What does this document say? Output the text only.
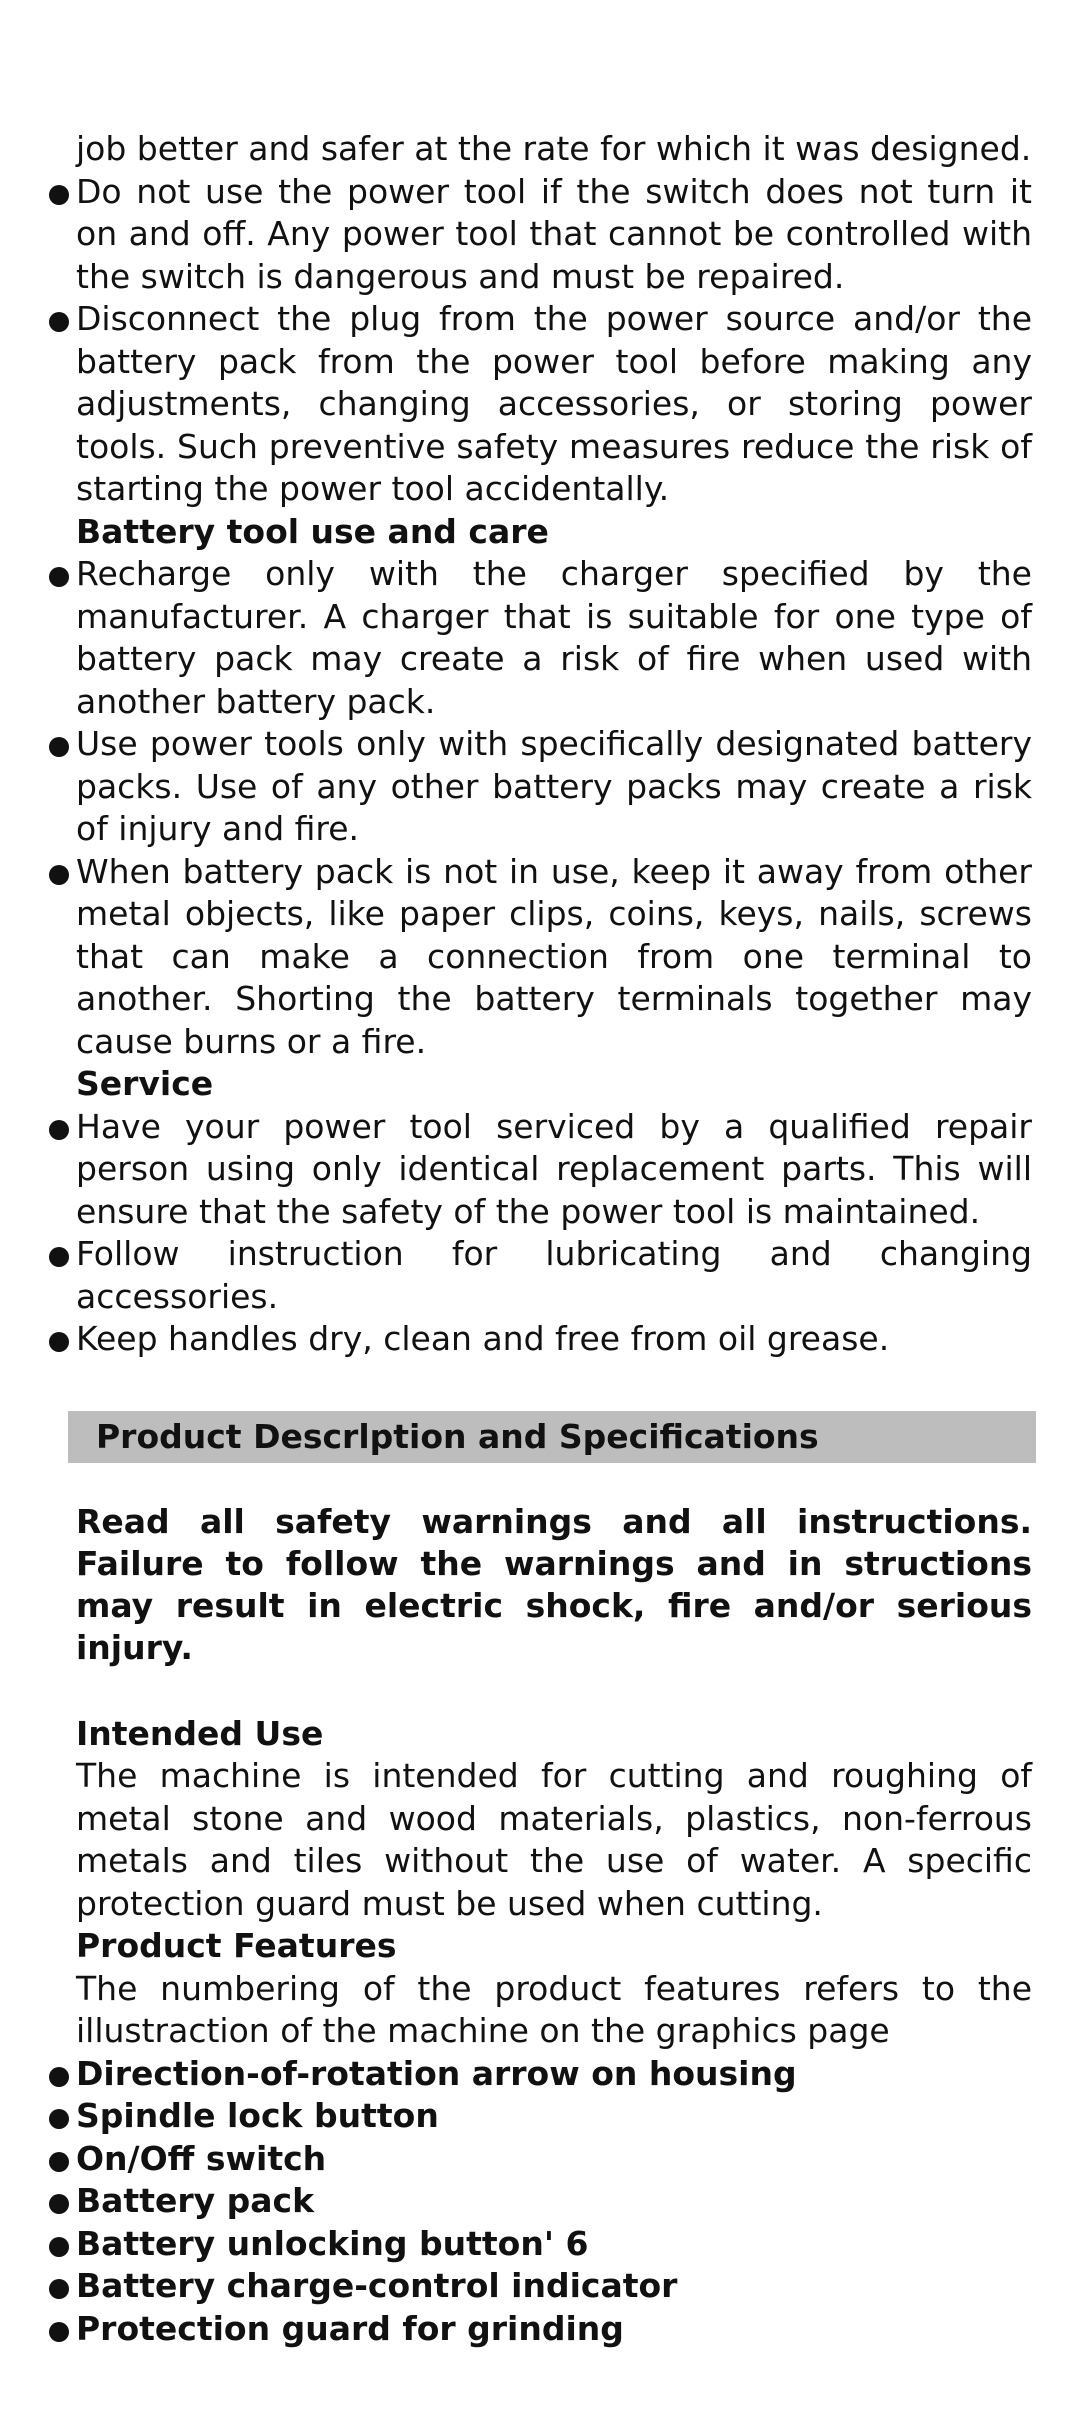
job better and safer at the rate for which it was designed.
Do not use the power tool if the switch does not turn it on and off. Any power tool that cannot be controlled with the switch is dangerous and must be repaired.
Disconnect the plug from the power source and/or the battery pack from the power tool before making any adjustments, changing accessories, or storing power tools. Such preventive safety measures reduce the risk of starting the power tool accidentally.
Battery tool use and care
Recharge only with the charger specified by the manufacturer. A charger that is suitable for one type of battery pack may create a risk of fire when used with another battery pack.
Use power tools only with specifically designated battery packs. Use of any other battery packs may create a risk of injury and fire.
When battery pack is not in use, keep it away from other metal objects, like paper clips, coins, keys, nails, screws that can make a connection from one terminal to another. Shorting the battery terminals together may cause burns or a fire.
Service
Have your power tool serviced by a qualified repair person using only identical replacement parts. This will ensure that the safety of the power tool is maintained.
Follow instruction for lubricating and changing accessories.
Keep handles dry, clean and free from oil grease.
Product Descrlption and Specifications
Read all safety warnings and all instructions. Failure to follow the warnings and in structions may result in electric shock, fire and/or serious injury.
Intended Use
The machine is intended for cutting and roughing of metal stone and wood materials, plastics, non-ferrous metals and tiles without the use of water. A specific protection guard must be used when cutting.
Product Features
The numbering of the product features refers to the illustraction of the machine on the graphics page
Direction-of-rotation arrow on housing
Spindle lock button
On/Off switch
Battery pack
Battery unlocking button' 6
Battery charge-control indicator
Protection guard for grinding
